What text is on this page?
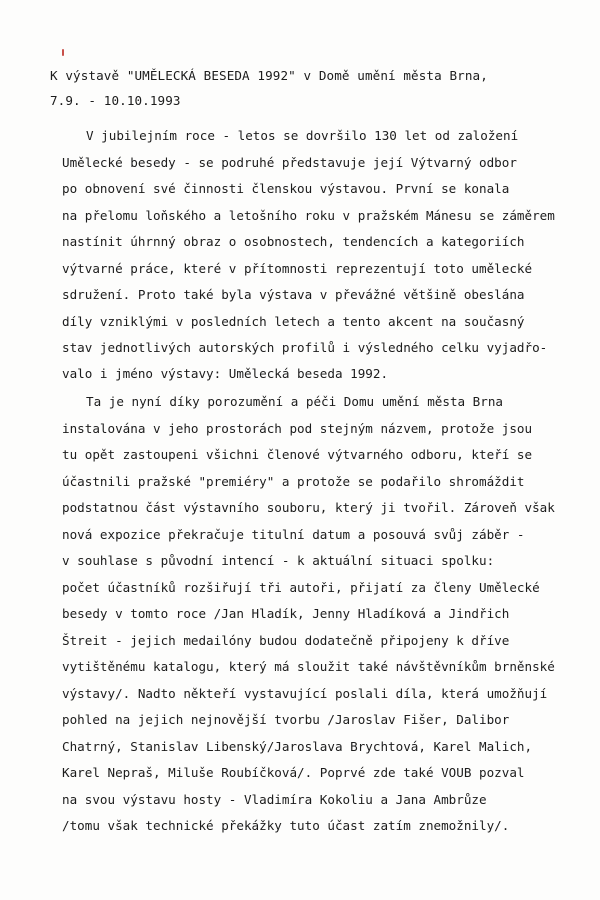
K výstavě "UMĚLECKÁ BESEDA 1992" v Domě umění města Brna,

7.9. - 10.10.1993

V jubilejním roce - letos se dovršilo 130 let od založení

Umělecké besedy - se podruhé představuje její Výtvarný odbor

po obnovení své činnosti členskou výstavou. První se konala

na přelomu loňského a letošního roku v pražském Mánesu se záměrem

nastínit úhrnný obraz o osobnostech, tendencích a kategoriích

výtvarné práce, které v přítomnosti reprezentují toto umělecké

sdružení. Proto také byla výstava v převážné většině obeslána

díly vzniklými v posledních letech a tento akcent na současný

stav jednotlivých autorských profilů i výsledného celku vyjadřo-

valo i jméno výstavy: Umělecká beseda 1992.

Ta je nyní díky porozumění a péči Domu umění města Brna

instalována v jeho prostorách pod stejným názvem, protože jsou

tu opět zastoupeni všichni členové výtvarného odboru, kteří se

účastnili pražské "premiéry" a protože se podařilo shromáždit

podstatnou část výstavního souboru, který ji tvořil. Zároveň však

nová expozice překračuje titulní datum a posouvá svůj záběr -

v souhlase s původní intencí - k aktuální situaci spolku:

počet účastníků rozšiřují tři autoři, přijatí za členy Umělecké

besedy v tomto roce /Jan Hladík, Jenny Hladíková a Jindřich

Štreit - jejich medailóny budou dodatečně připojeny k dříve

vytištěnému katalogu, který má sloužit také návštěvníkům brněnské

výstavy/. Nadto někteří vystavující poslali díla, která umožňují

pohled na jejich nejnovější tvorbu /Jaroslav Fišer, Dalibor

Chatrný, Stanislav Libenský/Jaroslava Brychtová, Karel Malich,

Karel Nepraš, Miluše Roubíčková/. Poprvé zde také VOUB pozval

na svou výstavu hosty - Vladimíra Kokoliu a Jana Ambrůze

/tomu však technické překážky tuto účast zatím znemožnily/.
